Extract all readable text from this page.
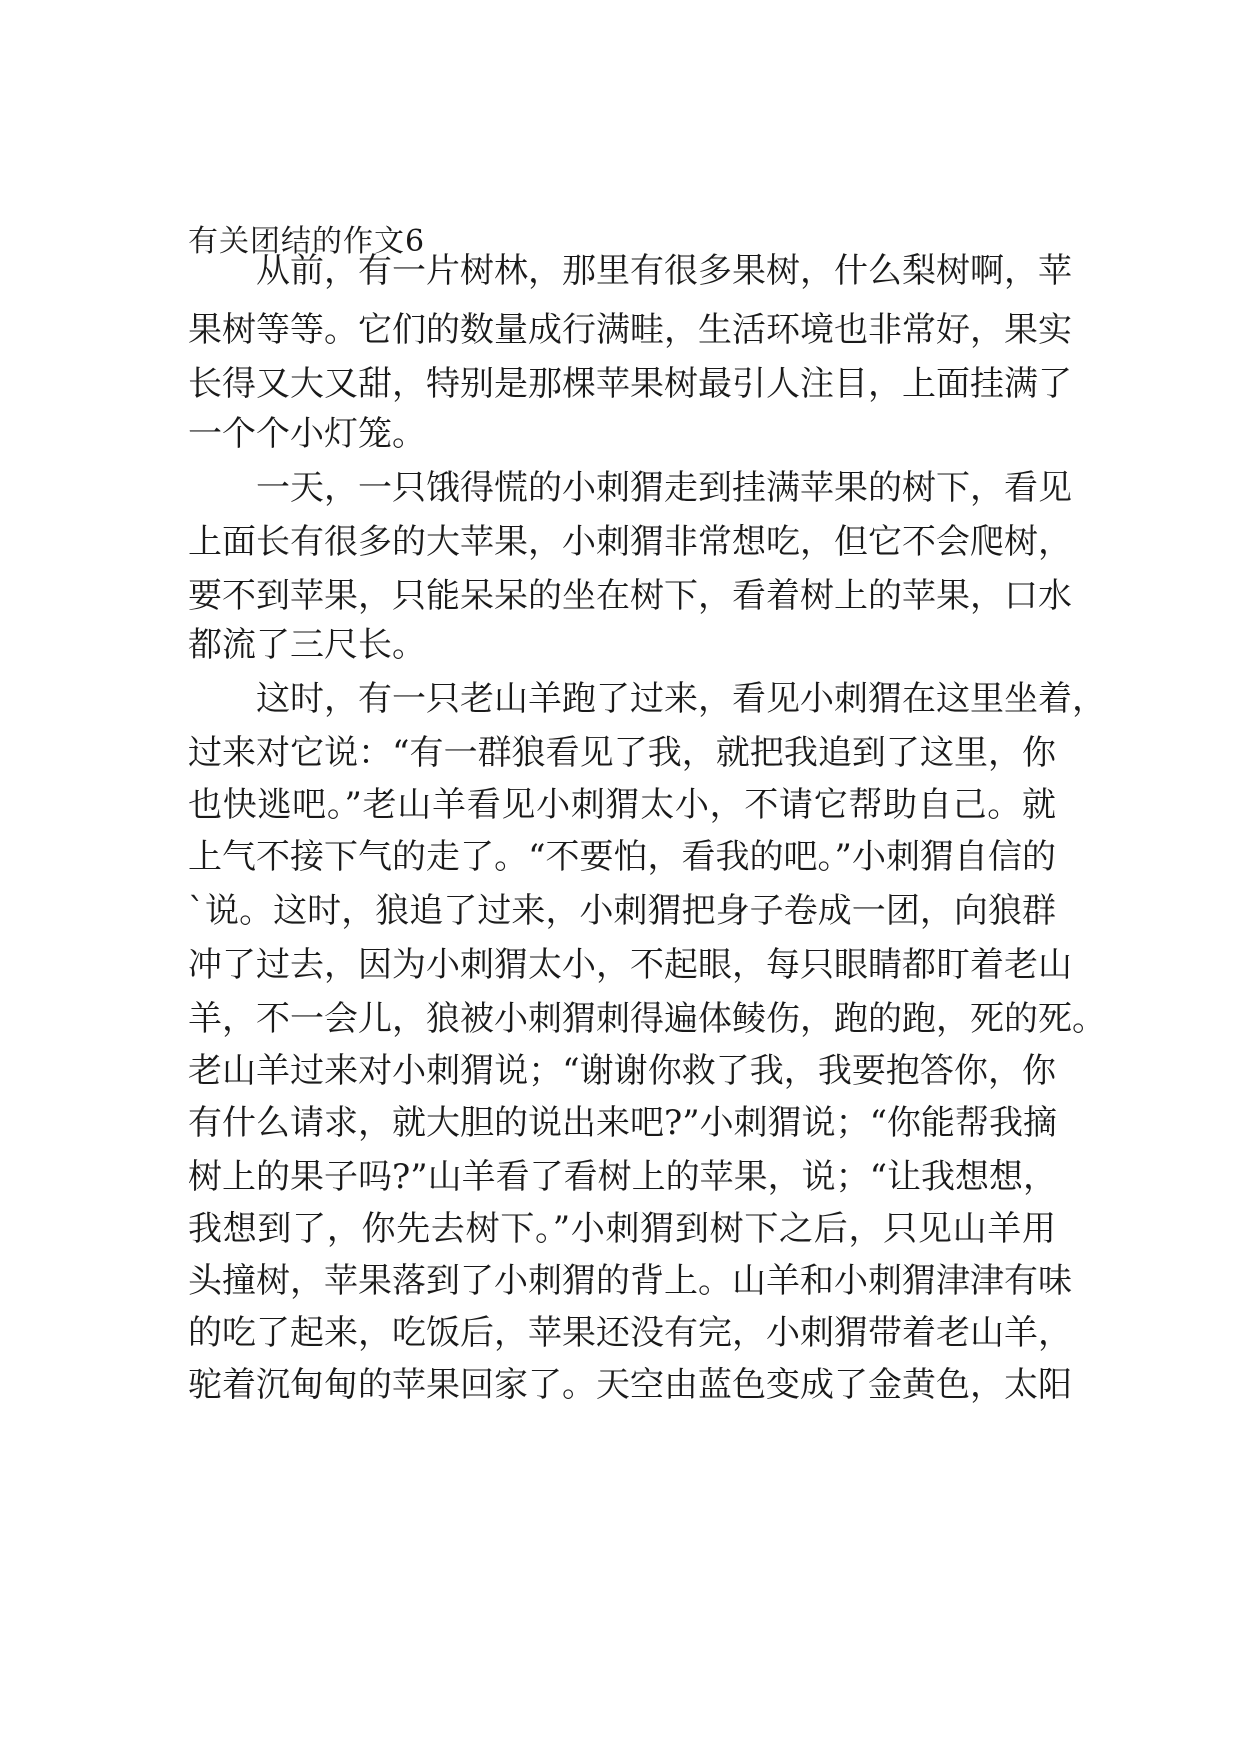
有关团结的作文6
从前，有一片树林，那里有很多果树，什么梨树啊，苹
果树等等。它们的数量成行满畦，生活环境也非常好，果实
长得又大又甜，特别是那棵苹果树最引人注目，上面挂满了
一个个小灯笼。
一天，一只饿得慌的小刺猬走到挂满苹果的树下，看见
上面长有很多的大苹果，小刺猬非常想吃，但它不会爬树，
要不到苹果，只能呆呆的坐在树下，看着树上的苹果，口水
都流了三尺长。
这时，有一只老山羊跑了过来，看见小刺猬在这里坐着，
过来对它说：“有一群狼看见了我，就把我追到了这里，你
也快逃吧。”老山羊看见小刺猬太小，不请它帮助自己。就
上气不接下气的走了。“不要怕，看我的吧。”小刺猬自信的
`说。这时，狼追了过来，小刺猬把身子卷成一团，向狼群
冲了过去，因为小刺猬太小，不起眼，每只眼睛都盯着老山
羊，不一会儿，狼被小刺猬刺得遍体鲮伤，跑的跑，死的死。
老山羊过来对小刺猬说；“谢谢你救了我，我要抱答你，你
有什么请求，就大胆的说出来吧?”小刺猬说；“你能帮我摘
树上的果子吗?”山羊看了看树上的苹果，说；“让我想想，
我想到了，你先去树下。”小刺猬到树下之后，只见山羊用
头撞树，苹果落到了小刺猬的背上。山羊和小刺猬津津有味
的吃了起来，吃饭后，苹果还没有完，小刺猬带着老山羊，
驼着沉甸甸的苹果回家了。天空由蓝色变成了金黄色，太阳
